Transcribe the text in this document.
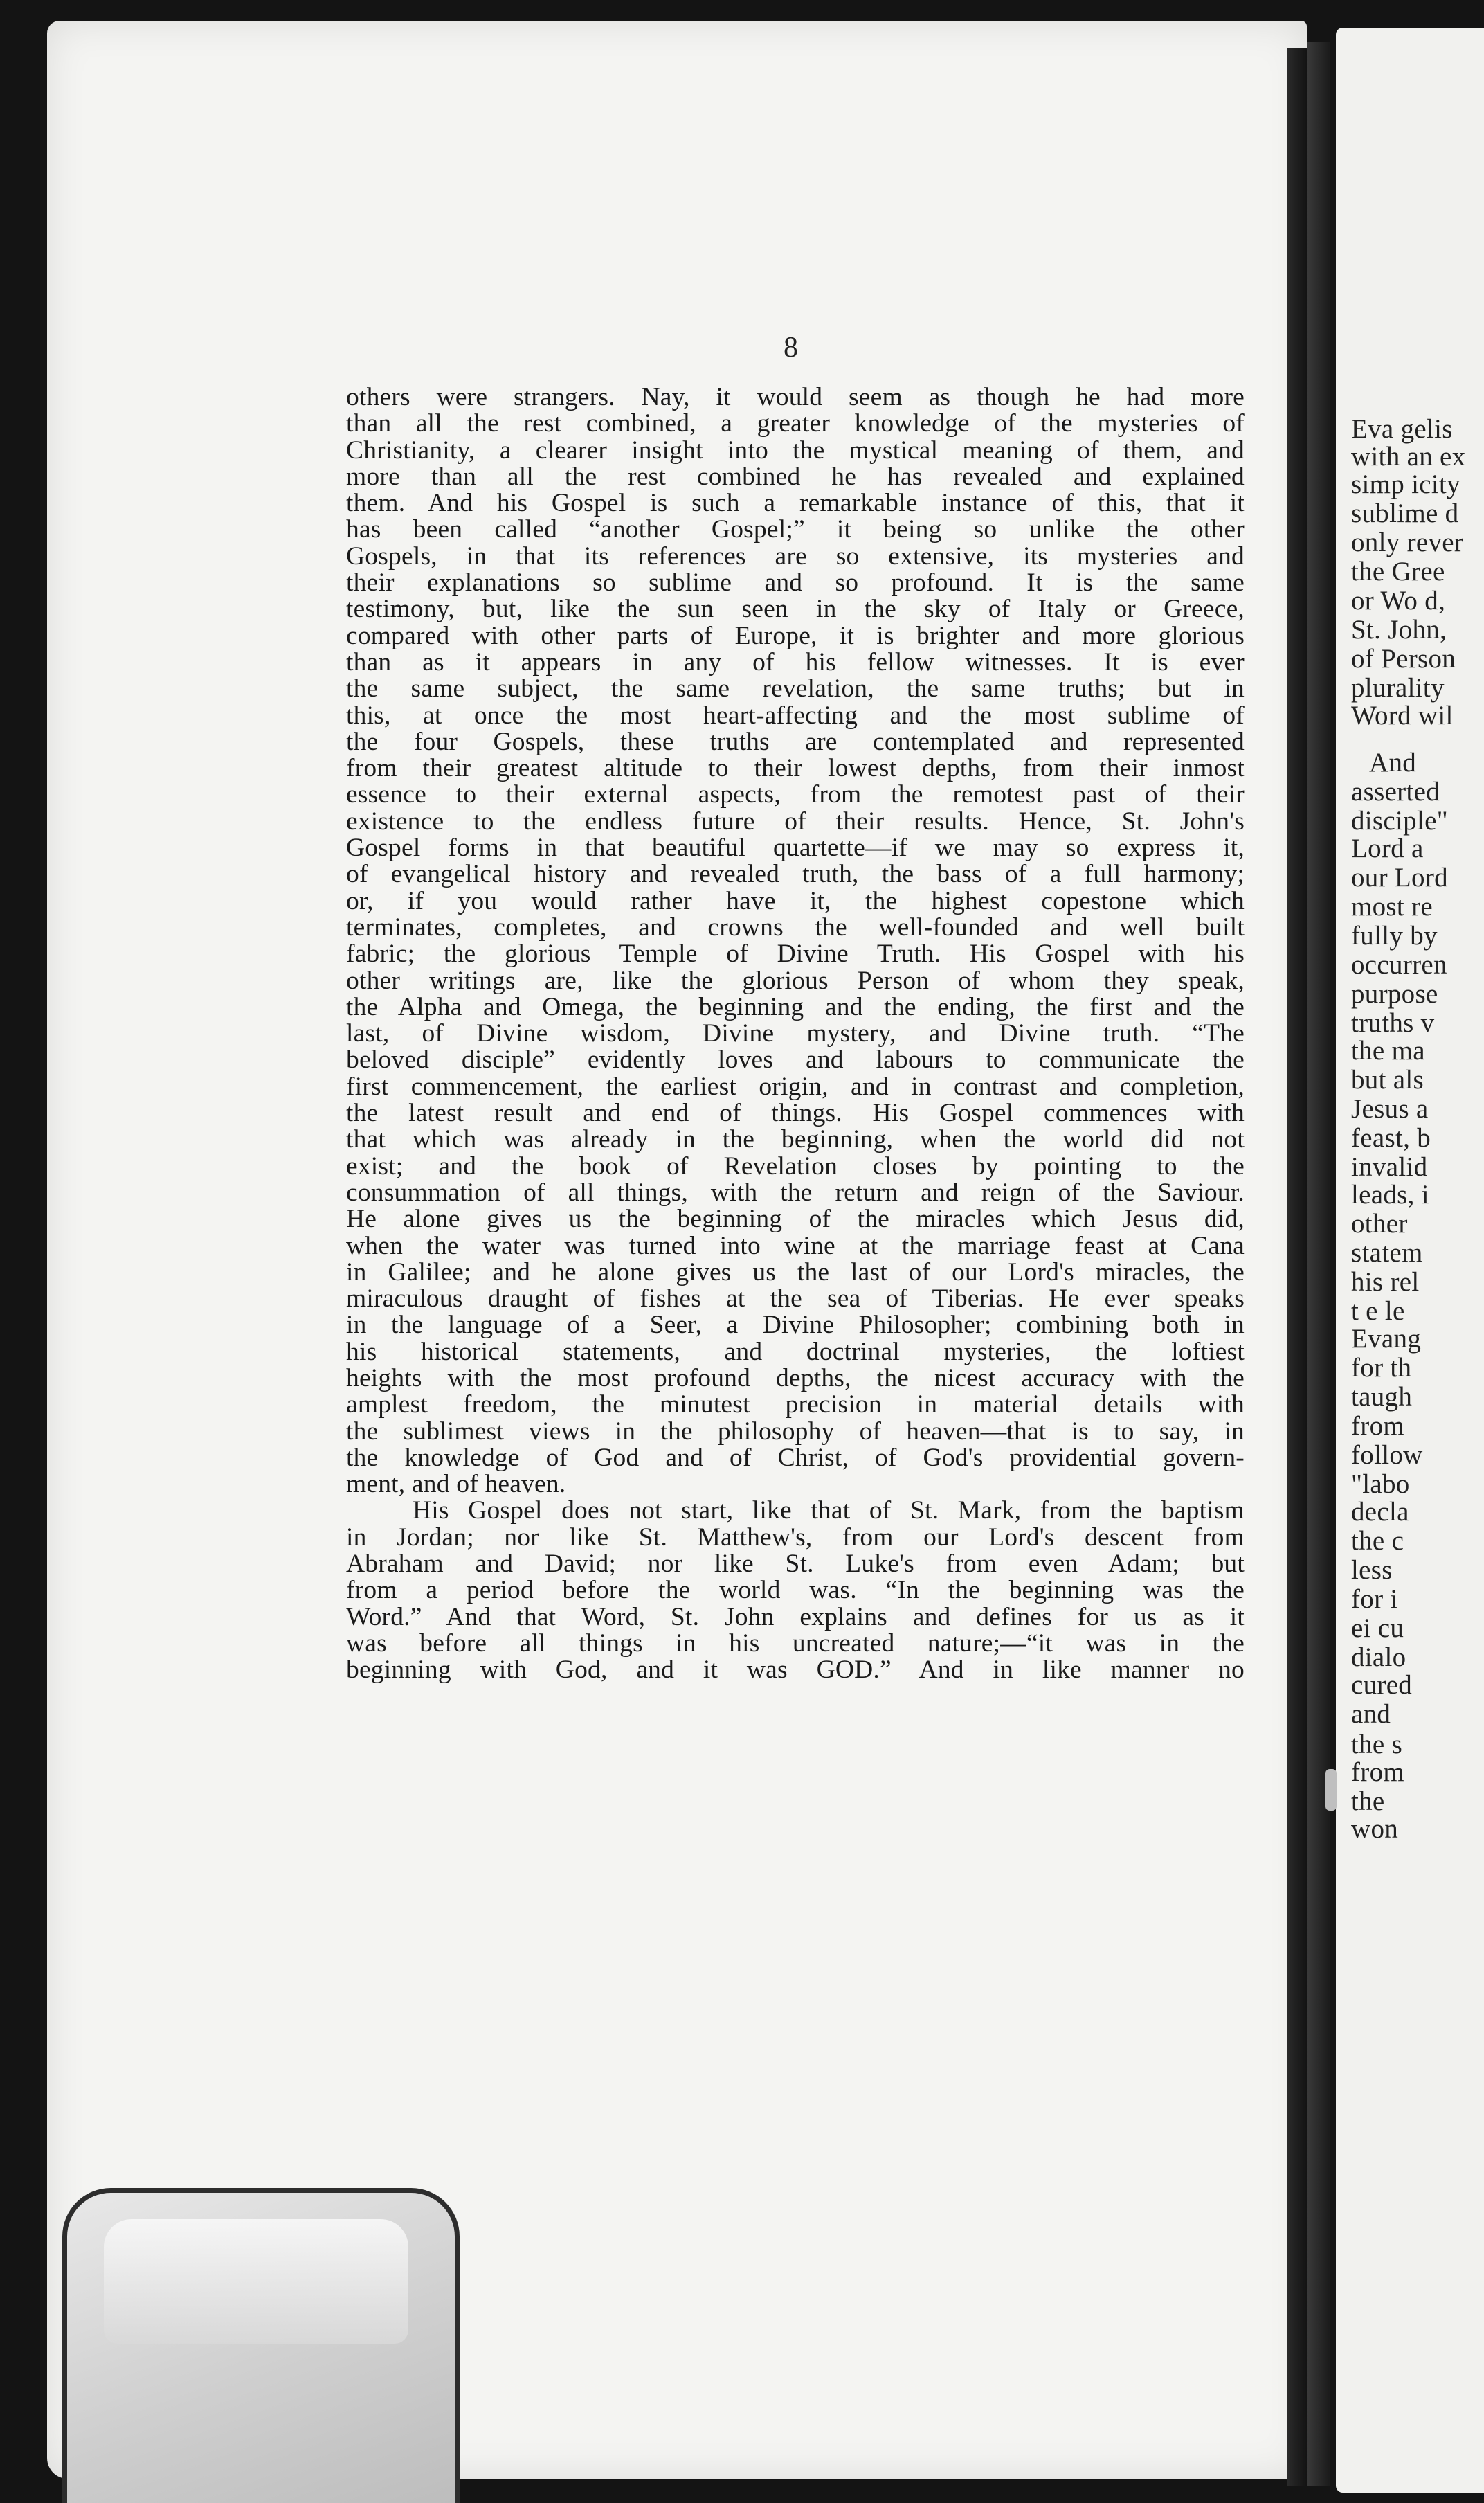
Eva gelis
with an ex
simp icity
sublime d
only rever
the Gree
or Wo d,
St. John,
of Person
plurality
Word wil
And
asserted
disciple"
Lord a
our Lord
most re
fully by
occurren
purpose
truths v
the ma
but als
Jesus a
feast, b
invalid
leads, i
other
statem
his rel
t e le
Evang
for th
taugh
from
follow
"labo
decla
the c
less
for i
ei cu
dialo
cured
and
the s
from
the
won
8
others were strangers. Nay, it would seem as though he had more
than all the rest combined, a greater knowledge of the mysteries of
Christianity, a clearer insight into the mystical meaning of them, and
more than all the rest combined he has revealed and explained
them. And his Gospel is such a remarkable instance of this, that it
has been called “another Gospel;” it being so unlike the other
Gospels, in that its references are so extensive, its mysteries and
their explanations so sublime and so profound. It is the same
testimony, but, like the sun seen in the sky of Italy or Greece,
compared with other parts of Europe, it is brighter and more glorious
than as it appears in any of his fellow witnesses. It is ever
the same subject, the same revelation, the same truths; but in
this, at once the most heart-affecting and the most sublime of
the four Gospels, these truths are contemplated and represented
from their greatest altitude to their lowest depths, from their inmost
essence to their external aspects, from the remotest past of their
existence to the endless future of their results. Hence, St. John's
Gospel forms in that beautiful quartette—if we may so express it,
of evangelical history and revealed truth, the bass of a full harmony;
or, if you would rather have it, the highest copestone which
terminates, completes, and crowns the well-founded and well built
fabric; the glorious Temple of Divine Truth. His Gospel with his
other writings are, like the glorious Person of whom they speak,
the Alpha and Omega, the beginning and the ending, the first and the
last, of Divine wisdom, Divine mystery, and Divine truth. “The
beloved disciple” evidently loves and labours to communicate the
first commencement, the earliest origin, and in contrast and completion,
the latest result and end of things. His Gospel commences with
that which was already in the beginning, when the world did not
exist; and the book of Revelation closes by pointing to the
consummation of all things, with the return and reign of the Saviour.
He alone gives us the beginning of the miracles which Jesus did,
when the water was turned into wine at the marriage feast at Cana
in Galilee; and he alone gives us the last of our Lord's miracles, the
miraculous draught of fishes at the sea of Tiberias. He ever speaks
in the language of a Seer, a Divine Philosopher; combining both in
his historical statements, and doctrinal mysteries, the loftiest
heights with the most profound depths, the nicest accuracy with the
amplest freedom, the minutest precision in material details with
the sublimest views in the philosophy of heaven—that is to say, in
the knowledge of God and of Christ, of God's providential govern-
ment, and of heaven.
His Gospel does not start, like that of St. Mark, from the baptism
in Jordan; nor like St. Matthew's, from our Lord's descent from
Abraham and David; nor like St. Luke's from even Adam; but
from a period before the world was. “In the beginning was the
Word.” And that Word, St. John explains and defines for us as it
was before all things in his uncreated nature;—“it was in the
beginning with God, and it was GOD.” And in like manner no
